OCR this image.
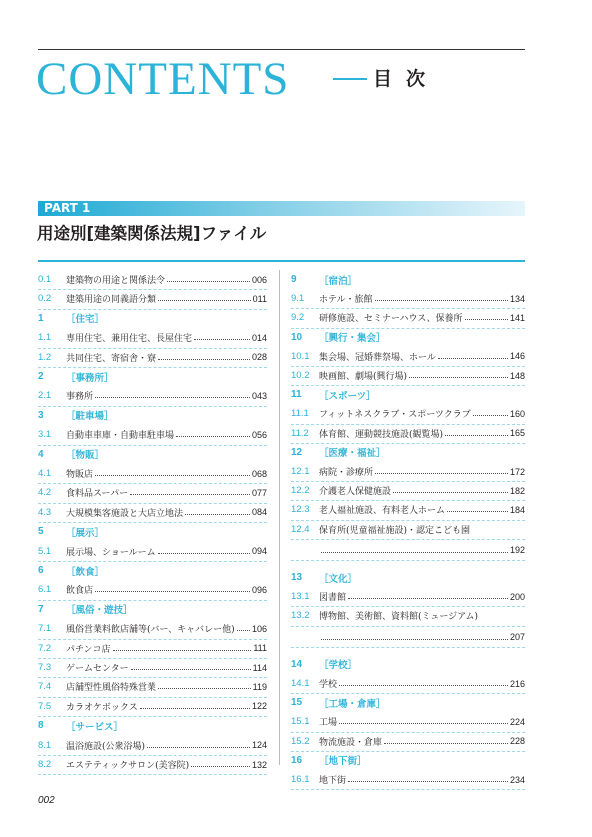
CONTENTS	目次
PART 1
用途別[建築関係法規]ファイル
0.1	建築物の用途と関係法令	006
0.2	建築用途の同義語分類	011
1	［住宅］
1.1	専用住宅、兼用住宅、長屋住宅	014
1.2	共同住宅、寄宿舎・寮	028
2	［事務所］
2.1	事務所	043
3	［駐車場］
3.1	自動車車庫・自動車駐車場	056
4	［物販］
4.1	物販店	068
4.2	食料品スーパー	077
4.3	大規模集客施設と大店立地法	084
5	［展示］
5.1	展示場、ショールーム	094
6	［飲食］
6.1	飲食店	096
7	［風俗・遊技］
7.1	風俗営業料飲店舗等(バー、キャバレー他) 106
7.2	パチンコ店	111
7.3	ゲームセンター	114
7.4	店舗型性風俗特殊営業	119
7.5	カラオケボックス	122
8	［サービス］
8.1	温浴施設(公衆浴場)	124
8.2	エステティックサロン(美容院)	132
9	［宿泊］
9.1	ホテル・旅館	134
9.2	研修施設、セミナーハウス、保養所	141
10	［興行・集会］
10.1	集会場、冠婚葬祭場、ホール	146
10.2	映画館、劇場(興行場)	148
11	［スポーツ］
11.1	フィットネスクラブ・スポーツクラブ	160
11.2	体育館、運動競技施設(観覧場)	165
12	［医療・福祉］
12.1	病院・診療所	172
12.2	介護老人保健施設	182
12.3	老人福祉施設、有料老人ホーム	184
12.4	保育所(児童福祉施設)・認定こども園
192
13	［文化］
13.1	図書館	200
13.2	博物館、美術館、資料館(ミュージアム)
207
14	［学校］
14.1	学校	216
15	［工場・倉庫］
15.1	工場	224
15.2	物流施設・倉庫	228
16	［地下街］
16.1	地下街	234
002
